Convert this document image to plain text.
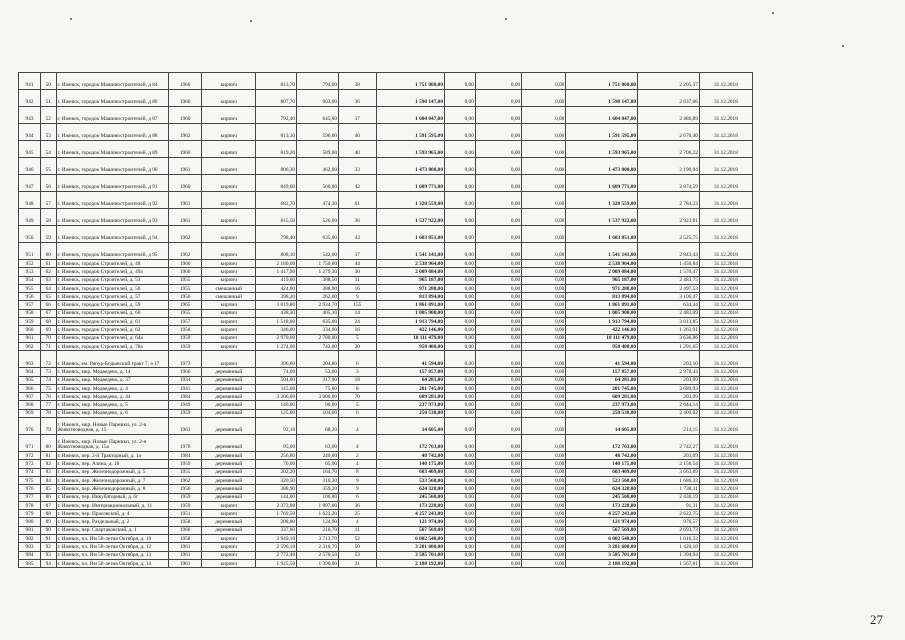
941	50	г. Ижевск, городок Машиностроителей, д 84	1960	кирпич	813,70	794,00	38	1 751 060,00	0,00	0,00	0,00	1 751 060,00	2 205,37	31.12.2018
942	51	г. Ижевск, городок Машиностроителей, д 86	1960	кирпич	807,70	603,00	36	1 590 147,00	0,00	0,00	0,00	1 590 147,00	2 637,06	31.12.2018
943	52	г. Ижевск, городок Машиностроителей, д 87	1960	кирпич	792,40	645,00	37	1 604 047,00	0,00	0,00	0,00	1 604 047,00	2 486,89	31.12.2018
944	53	г. Ижевск, городок Машиностроителей, д 88	1962	кирпич	813,10	596,00	40	1 591 595,00	0,00	0,00	0,00	1 591 595,00	2 670,46	31.12.2018
945	54	г. Ижевск, городок Машиностроителей, д 89	1960	кирпич	819,20	589,00	40	1 593 965,00	0,00	0,00	0,00	1 593 965,00	2 706,22	31.12.2018
946	55	г. Ижевск, городок Машиностроителей, д 90	1961	кирпич	806,30	462,00	33	1 473 800,00	0,00	0,00	0,00	1 473 800,00	3 190,04	31.12.2018
947	56	г. Ижевск, городок Машиностроителей, д 91	1960	кирпич	849,60	560,00	42	1 609 771,00	0,00	0,00	0,00	1 609 771,00	2 874,59	31.12.2018
948	57	г. Ижевск, городок Машиностроителей, д 92	1961	кирпич	682,70	474,30	61	1 320 559,00	0,00	0,00	0,00	1 320 559,00	2 784,23	31.12.2018
949	58	г. Ижевск, городок Машиностроителей, д 93	1961	кирпич	815,50	526,00	36	1 537 922,00	0,00	0,00	0,00	1 537 922,00	2 923,81	31.12.2018
950	59	г. Ижевск, городок Машиностроителей, д 94	1962	кирпич	798,40	635,00	43	1 603 851,00	0,00	0,00	0,00	1 603 851,00	2 525,75	31.12.2018
951	60	г. Ижевск, городок Машиностроителей, д 95	1962	кирпич	808,10	542,00	37	1 541 141,00	0,00	0,00	0,00	1 541 141,00	2 843,43	31.12.2018
952	61	г. Ижевск, городок Строителей, д. 48	1960	кирпич	2 180,00	1 750,00	44	2 538 964,00	0,00	0,00	0,00	2 538 964,00	1 450,84	31.12.2018
953	62	г. Ижевск, городок Строителей, д. 49а	1960	кирпич	1 417,90	1 279,30	30	2 009 084,00	0,00	0,00	0,00	2 009 084,00	1 570,47	31.12.2018
954	63	г. Ижевск, городок Строителей, д. 53	1955	кирпич	419,60	388,50	11	965 187,00	0,00	0,00	0,00	965 187,00	2 483,75	31.12.2018
955	64	г. Ижевск, городок Строителей, д. 56	1955	смешанный	424,00	388,90	16	971 288,00	0,00	0,00	0,00	971 288,00	2 497,53	31.12.2018
956	65	г. Ижевск, городок Строителей, д. 57	1956	смешанный	398,20	262,00	9	813 894,00	0,00	0,00	0,00	813 894,00	3 106,47	31.12.2018
957	66	г. Ижевск, городок Строителей, д. 59	1965	кирпич	3 019,80	2 934,70	155	1 861 891,00	0,00	0,00	0,00	1 861 891,00	634,44	31.12.2018
958	67	г. Ижевск, городок Строителей, д. 60	1955	кирпич	438,30	405,10	14	1 005 900,00	0,00	0,00	0,00	1 005 900,00	2 483,09	31.12.2018
959	68	г. Ижевск, городок Строителей, д. 61	1957	кирпич	1 518,00	635,00	24	1 913 794,00	0,00	0,00	0,00	1 913 794,00	3 013,85	31.12.2018
960	69	г. Ижевск, городок Строителей, д. 62	1958	кирпич	346,00	334,00	16	422 146,00	0,00	0,00	0,00	422 146,00	1 263,91	31.12.2018
961	70	г. Ижевск, городок Строителей, д. 64а	1959	кирпич	2 970,00	2 780,00	5	10 111 479,00	0,00	0,00	0,00	10 111 479,00	3 636,86	31.12.2018
962	71	г. Ижевск, городок Строителей, д. 78а	1959	кирпич	1 274,00	742,00	20	958 408,00	0,00	0,00	0,00	958 408,00	1 291,65	31.12.2018
963	72	г. Ижевск, ем. Ряпур-Бодынский тракт 7, а 17	1973	кирпич	396,60	204,80	6	41 594,00	0,00	0,00	0,00	41 594,00	203,10	31.12.2018
964	73	г. Ижевск, мкр. Медведево, д. 14	1966	деревянный	74,00	53,00	3	157 857,00	0,00	0,00	0,00	157 857,00	2 978,43	31.12.2018
965	74	г. Ижевск, мкр. Медведево, д. 37	1934	деревянный	504,00	317,00	18	64 281,00	0,00	0,00	0,00	64 281,00	203,09	31.12.2018
966	75	г. Ижевск, мкр. Медведево, д. 4	1941	деревянный	115,00	75,00	8	201 745,00	0,00	0,00	0,00	201 745,00	2 689,93	31.12.2018
967	76	г. Ижевск, мкр. Медведево, д. 44	1984	деревянный	3 206,00	3 000,00	70	609 281,00	0,00	0,00	0,00	609 281,00	203,09	31.12.2018
968	77	г. Ижевск, мкр. Медведево, д. 5	1949	деревянный	140,00	90,00	5	237 973,00	0,00	0,00	0,00	237 973,00	2 644,14	31.12.2018
969	78	г. Ижевск, мкр. Медведево, д. 6	1959	деревянный	125,00	104,00	6	250 538,00	0,00	0,00	0,00	250 538,00	2 409,02	31.12.2018
970	79	г. Ижевск, мкр. Новые Парники, ул. 2-я Животноводная, д. 15	1963	деревянный	92,10	68,20	4	14 605,00	0,00	0,00	0,00	14 605,00	214,15	31.12.2018
971	80	г. Ижевск, мкр. Новые Парники, ул. 2-я Животноводная, д. 15а	1970	деревянный	95,00	63,00	4	172 763,00	0,00	0,00	0,00	172 763,00	2 742,27	31.12.2018
972	81	г. Ижевск, пер. 2-й Тракторный, д. 1а	1984	деревянный	256,80	240,00	2	48 742,00	0,00	0,00	0,00	48 742,00	203,09	31.12.2018
973	82	г. Ижевск, пер. Азина, д. 18	1959	деревянный	70,00	65,00	4	140 175,00	0,00	0,00	0,00	140 175,00	2 156,54	31.12.2018
974	83	г. Ижевск, пер. Железнодорожный, д. 5	1955	деревянный	202,20	164,70	8	603 409,00	0,00	0,00	0,00	603 409,00	3 663,69	31.12.2018
975	84	г. Ижевск, пер. Железнодорожный, д. 7	1962	деревянный	320,50	310,30	9	523 568,00	0,00	0,00	0,00	523 568,00	1 686,33	31.12.2018
976	85	г. Ижевск, пер. Железнодорожный, д. 8	1956	деревянный	388,90	359,20	9	624 328,00	0,00	0,00	0,00	624 328,00	1 738,11	31.12.2018
977	86	г. Ижевск, пер. Инкубаторный, д. 6г	1959	деревянный	144,00	100,80	6	245 568,00	0,00	0,00	0,00	245 568,00	2 436,19	31.12.2018
978	87	г. Ижевск, пер. Интернациональный, д. 11	1959	кирпич	2 373,00	1 897,00	36	173 228,00	0,00	0,00	0,00	173 228,00	91,31	31.12.2018
979	88	г. Ижевск, пер. Прасовский, д. 4	1951	кирпич	1 769,50	1 623,20	25	4 257 243,00	0,00	0,00	0,00	4 257 243,00	2 622,75	31.12.2018
980	89	г. Ижевск, пер. Раздельный, д. 2	1958	деревянный	208,80	124,90	4	121 974,00	0,00	0,00	0,00	121 974,00	976,57	31.12.2018
981	90	г. Ижевск, пер. Спартаковский, д. 1	1960	деревянный	337,60	210,70	11	567 569,00	0,00	0,00	0,00	567 569,00	2 693,73	31.12.2018
982	91	г. Ижевск, пл. Им 50-летия Октября, д. 10	1958	кирпич	3 949,10	3 713,70	52	6 002 548,00	0,00	0,00	0,00	6 002 548,00	1 616,33	31.12.2018
983	92	г. Ижевск, пл. Им 50-летия Октября, д. 12	1961	кирпич	2 596,10	2 310,70	50	3 281 600,00	0,00	0,00	0,00	3 281 600,00	1 420,18	31.12.2018
984	93	г. Ижевск, пл. Им 50-летия Октября, д. 13	1961	кирпич	2 772,40	2 570,50	53	3 585 701,00	0,00	0,00	0,00	3 585 701,00	1 394,94	31.12.2018
985	94	г. Ижевск, пл. Им 50-летия Октября, д. 14	1961	кирпич	1 925,50	1 390,00	31	2 180 192,00	0,00	0,00	0,00	2 180 192,00	1 567,81	31.12.2018
27
